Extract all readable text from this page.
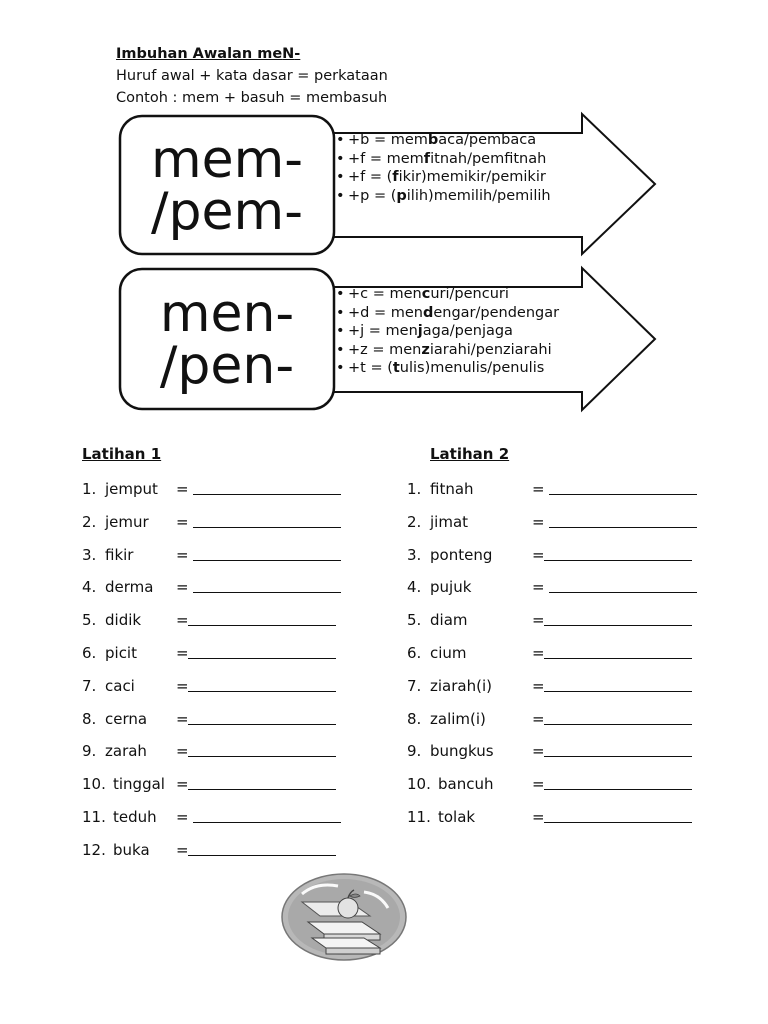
Imbuhan Awalan meN-
Huruf awal + kata dasar = perkataan
Contoh : mem + basuh = membasuh
mem-
/pem-
• +b = membaca/pembaca
• +f = memfitnah/pemfitnah
• +f = (fikir)memikir/pemikir
• +p = (pilih)memilih/pemilih
men-
/pen-
• +c = mencuri/pencuri
• +d = mendengar/pendengar
• +j = menjaga/penjaga
• +z = menziarahi/penziarahi
• +t = (tulis)menulis/penulis
Latihan 1	Latihan 2
1. jemput =
2. jemur =
3. fikir	=
4. derma =
5. didik =
6. picit	=
7. caci	=
8. cerna =
9. zarah =
10. tinggal =
11. teduh =
12. buka =
1. fitnah	=
2. jimat	=
3. ponteng	=
4. pujuk	=
5. diam	=
6. cium	=
7. ziarah(i)	=
8. zalim(i)	=
9. bungkus	=
10. bancuh	=
11. tolak	=
